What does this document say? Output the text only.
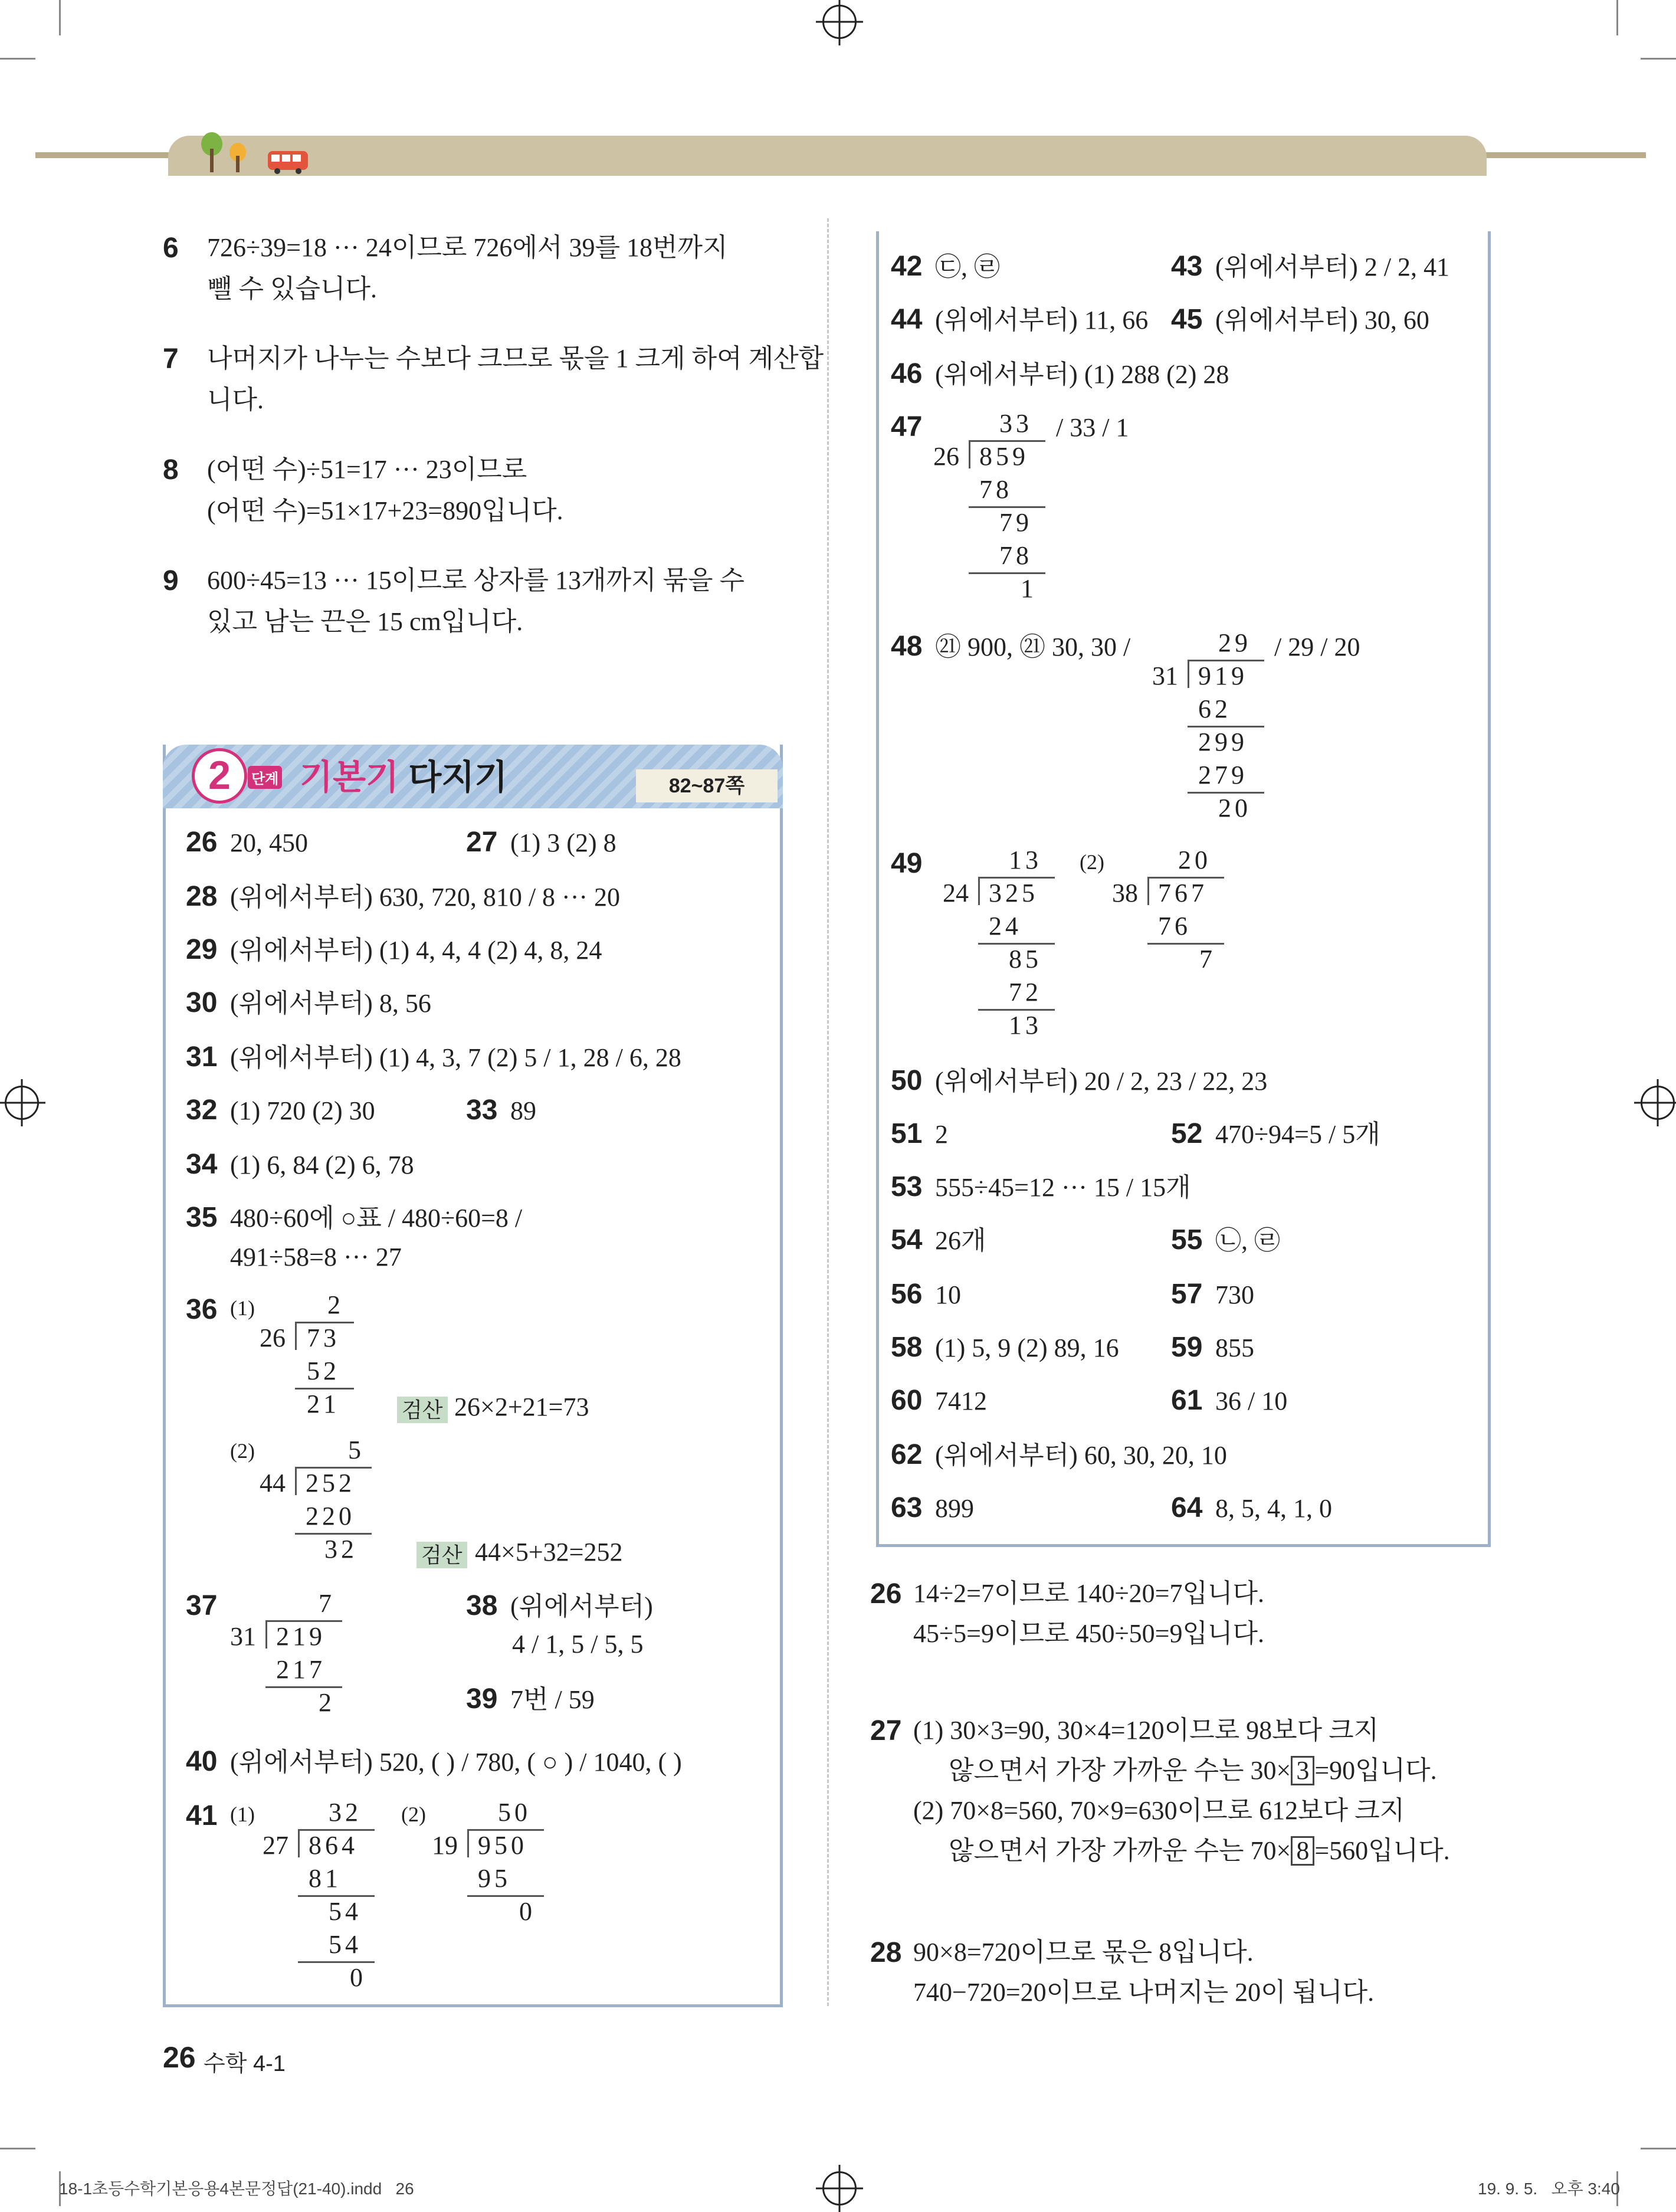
6 726÷39=18 ··· 24이므로 726에서 39를 18번까지
뺄 수 있습니다.
7 나머지가 나누는 수보다 크므로 몫을 1 크게 하여 계산합
니다.
8 (어떤 수)÷51=17 ··· 23이므로
(어떤 수)=51×17+23=890입니다.
9 600÷45=13 ··· 15이므로 상자를 13개까지 묶을 수
있고 남는 끈은 15 cm입니다.
2	단계 기본기 다지기	82~87쪽
26 20, 450	27 (1) 3 (2) 8
28 (위에서부터) 630, 720, 810 / 8 ··· 20
29 (위에서부터) (1) 4, 4, 4 (2) 4, 8, 24
30 (위에서부터) 8, 56
31 (위에서부터) (1) 4, 3, 7 (2) 5 / 1, 28 / 6, 28
32 (1) 720 (2) 30	33 89
34 (1) 6, 84 (2) 6, 78
35 480÷60에 ○표 / 480÷60=8 /
491÷58=8 ··· 27
36 (1)	2
26 73
52
21	검산 26×2+21=73
(2)	5
44 252
220
32	검산 44×5+32=252
37	7
31 219
217
2
38 (위에서부터)
4 / 1, 5 / 5, 5
39 7번 / 59
40 (위에서부터) 520, ( ) / 780, ( ○ ) / 1040, ( )
41 (1)	32
27 864
81
54
54
0
(2)	50
19 950
95
0
42 ㉢, ㉣	43 (위에서부터) 2 / 2, 41
44 (위에서부터) 11, 66 45 (위에서부터) 30, 60
46 (위에서부터) (1) 288 (2) 28
47	33
26 859
78
79
78
1
/ 33 / 1
48 ㉑ 900, ㉑ 30, 30 /	29
31 919
62
299
279
20
/ 29 / 20
49	13
24 325
24
85
72
13
(2)	20
38 767
76
7
50 (위에서부터) 20 / 2, 23 / 22, 23
51 2	52 470÷94=5 / 5개
53 555÷45=12 ··· 15 / 15개
54 26개	55 ㉡, ㉣
56 10	57 730
58 (1) 5, 9 (2) 89, 16 59 855
60 7412	61 36 / 10
62 (위에서부터) 60, 30, 20, 10
63 899	64 8, 5, 4, 1, 0
26 14÷2=7이므로 140÷20=7입니다.
45÷5=9이므로 450÷50=9입니다.
27 (1) 30×3=90, 30×4=120이므로 98보다 크지
않으면서 가장 가까운 수는 30× 3 =90입니다.
(2) 70×8=560, 70×9=630이므로 612보다 크지
않으면서 가장 가까운 수는 70× 8 =560입니다.
28 90×8=720이므로 몫은 8입니다.
740−720=20이므로 나머지는 20이 됩니다.
26 수학 4-1
18-1초등수학기본응용4본문정답(21-40).indd   26	19. 9. 5.   오후 3:40
